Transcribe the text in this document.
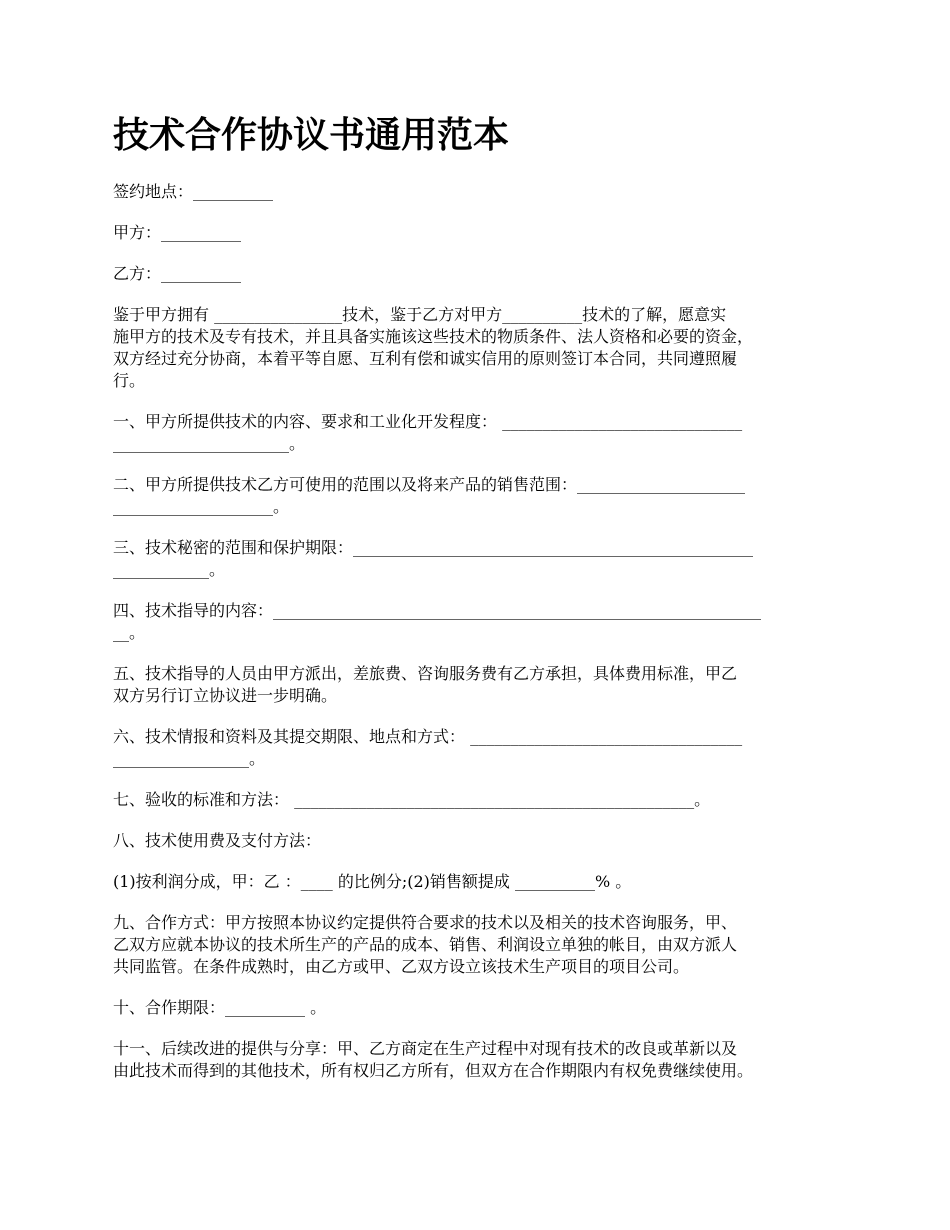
技术合作协议书通用范本

签约地点：__________

甲方：__________

乙方：__________

鉴于甲方拥有 ________________技术，鉴于乙方对甲方__________技术的了解，愿意实
施甲方的技术及专有技术，并且具备实施该这些技术的物质条件、法人资格和必要的资金，
双方经过充分协商，本着平等自愿、互利有偿和诚实信用的原则签订本合同，共同遵照履
行。

一、甲方所提供技术的内容、要求和工业化开发程度： ______________________________
______________________。

二、甲方所提供技术乙方可使用的范围以及将来产品的销售范围：_____________________
____________________。

三、技术秘密的范围和保护期限：__________________________________________________
____________。

四、技术指导的内容：_____________________________________________________________
__。

五、技术指导的人员由甲方派出，差旅费、咨询服务费有乙方承担，具体费用标准，甲乙
双方另行订立协议进一步明确。

六、技术情报和资料及其提交期限、地点和方式： __________________________________
_________________。

七、验收的标准和方法： __________________________________________________。

八、技术使用费及支付方法：

(1)按利润分成，甲：乙 ：____ 的比例分;(2)销售额提成 __________% 。

九、合作方式：甲方按照本协议约定提供符合要求的技术以及相关的技术咨询服务，甲、
乙双方应就本协议的技术所生产的产品的成本、销售、利润设立单独的帐目，由双方派人
共同监管。在条件成熟时，由乙方或甲、乙双方设立该技术生产项目的项目公司。

十、合作期限：__________ 。

十一、后续改进的提供与分享：甲、乙方商定在生产过程中对现有技术的改良或革新以及
由此技术而得到的其他技术，所有权归乙方所有，但双方在合作期限内有权免费继续使用。
